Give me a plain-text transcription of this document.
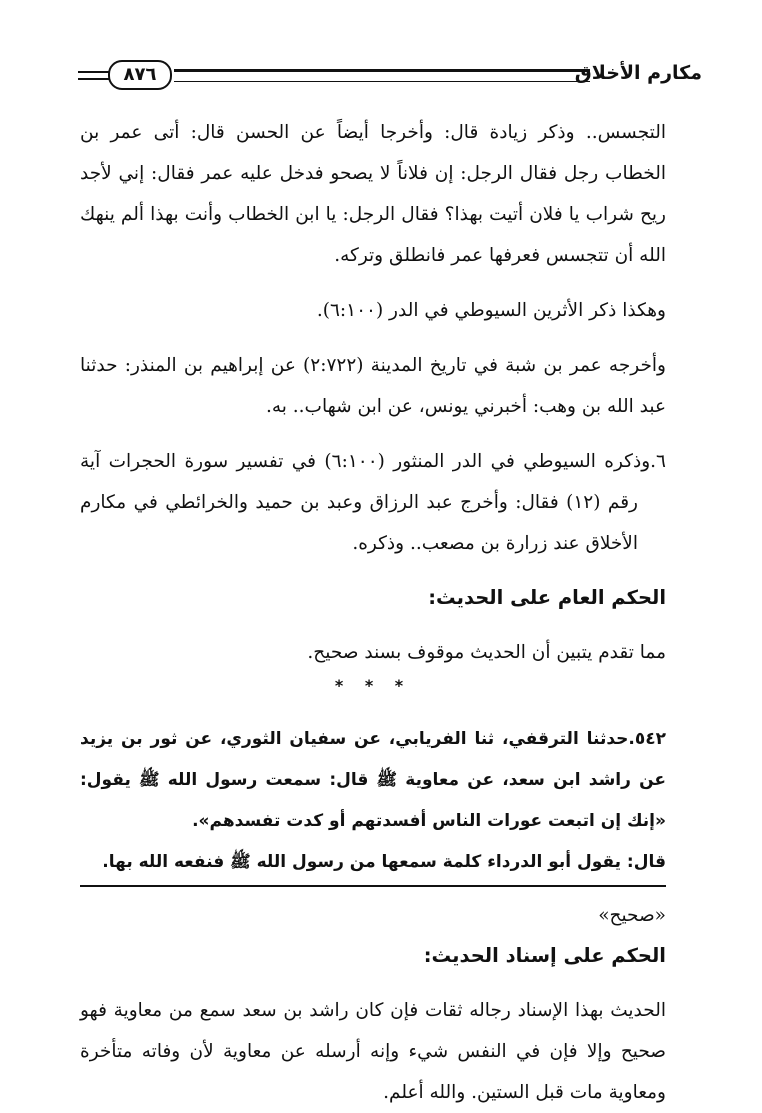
٨٧٦	مكارم الأخلاق

التجسس.. وذكر زيادة قال: وأخرجا أيضاً عن الحسن قال: أتى عمر بن الخطاب رجل فقال الرجل: إن فلاناً لا يصحو فدخل عليه عمر فقال: إني لأجد ريح شراب يا فلان أتيت بهذا؟ فقال الرجل: يا ابن الخطاب وأنت بهذا ألم ينهك الله أن تتجسس فعرفها عمر فانطلق وتركه.

وهكذا ذكر الأثرين السيوطي في الدر (٦:١٠٠).

وأخرجه عمر بن شبة في تاريخ المدينة (٢:٧٢٢) عن إبراهيم بن المنذر: حدثنا عبد الله بن وهب: أخبرني يونس، عن ابن شهاب.. به.

٦.وذكره السيوطي في الدر المنثور (٦:١٠٠) في تفسير سورة الحجرات آية رقم (١٢) فقال: وأخرج عبد الرزاق وعبد بن حميد والخرائطي في مكارم الأخلاق عند زرارة بن مصعب.. وذكره.

الحكم العام على الحديث:

مما تقدم يتبين أن الحديث موقوف بسند صحيح.

* * *

٥٤٢.حدثنا الترقفي، ثنا الفريابي، عن سفيان الثوري، عن ثور بن يزيد عن راشد ابن سعد، عن معاوية ﷺ قال: سمعت رسول الله ﷺ يقول: «إنك إن اتبعت عورات الناس أفسدتهم أو كدت تفسدهم».

قال: يقول أبو الدرداء كلمة سمعها من رسول الله ﷺ فنفعه الله بها.

«صحيح»

الحكم على إسناد الحديث:

الحديث بهذا الإسناد رجاله ثقات فإن كان راشد بن سعد سمع من معاوية فهو صحيح وإلا فإن في النفس شيء وإنه أرسله عن معاوية لأن وفاته متأخرة ومعاوية مات قبل الستين. والله أعلم.
